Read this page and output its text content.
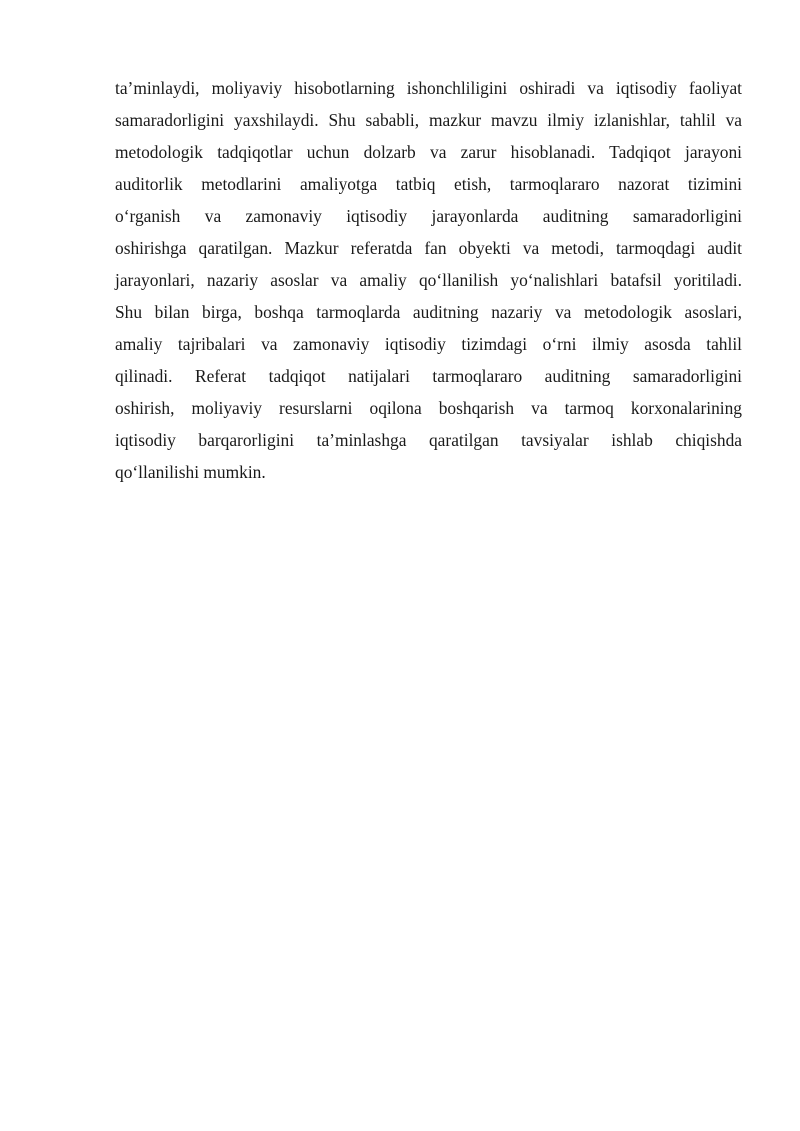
ta’minlaydi, moliyaviy hisobotlarning ishonchliligini oshiradi va iqtisodiy faoliyat
samaradorligini yaxshilaydi. Shu sababli, mazkur mavzu ilmiy izlanishlar, tahlil va
metodologik tadqiqotlar uchun dolzarb va zarur hisoblanadi. Tadqiqot jarayoni
auditorlik metodlarini amaliyotga tatbiq etish, tarmoqlararo nazorat tizimini
o‘rganish va zamonaviy iqtisodiy jarayonlarda auditning samaradorligini
oshirishga qaratilgan. Mazkur referatda fan obyekti va metodi, tarmoqdagi audit
jarayonlari, nazariy asoslar va amaliy qo‘llanilish yo‘nalishlari batafsil yoritiladi.
Shu bilan birga, boshqa tarmoqlarda auditning nazariy va metodologik asoslari,
amaliy tajribalari va zamonaviy iqtisodiy tizimdagi o‘rni ilmiy asosda tahlil
qilinadi. Referat tadqiqot natijalari tarmoqlararo auditning samaradorligini
oshirish, moliyaviy resurslarni oqilona boshqarish va tarmoq korxonalarining
iqtisodiy barqarorligini ta’minlashga qaratilgan tavsiyalar ishlab chiqishda
qo‘llanilishi mumkin.
